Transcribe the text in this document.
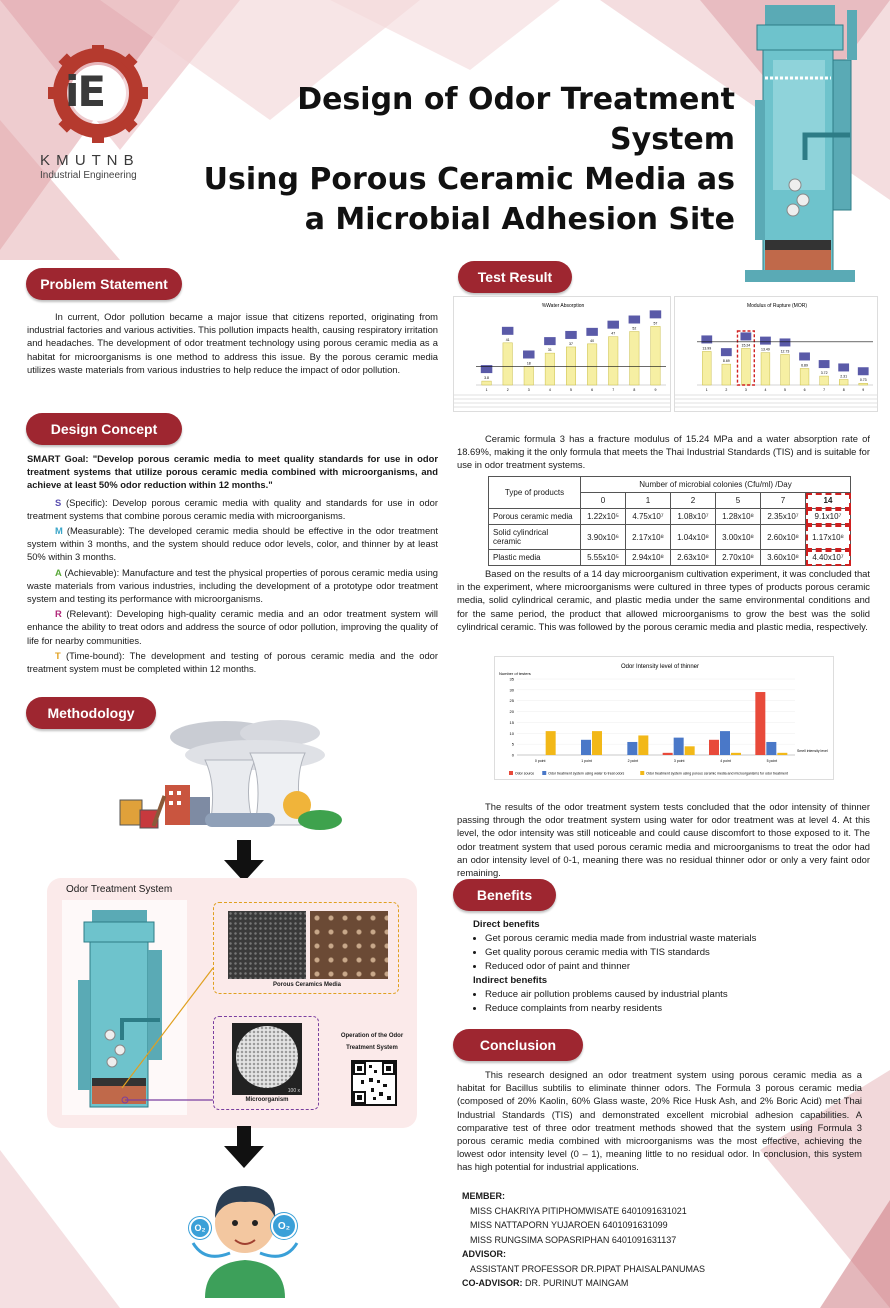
iE
K M U T N B
Industrial Engineering
Design of Odor Treatment System
Using Porous Ceramic Media as
a Microbial Adhesion Site
Problem Statement

In current, Odor pollution became a major issue that citizens reported, originating from industrial factories and various activities. This pollution impacts health, causing respiratory irritation and headaches. The development of odor treatment technology using porous ceramic media as a habitat for microorganisms is one method to address this issue. By the porous ceramic media utilizes waste materials from various industries to help reduce the impact of odor pollution.

Design Concept

SMART Goal: "Develop porous ceramic media to meet quality standards for use in odor treatment systems that utilize porous ceramic media combined with microorganisms, and achieve at least 50% odor reduction within 12 months."

S (Specific): Develop porous ceramic media with quality and standards for use in odor treatment systems that combine porous ceramic media with microorganisms.

M (Measurable): The developed ceramic media should be effective in the odor treatment system within 3 months, and the system should reduce odor levels, color, and thinner by at least 50% within 3 months.

A (Achievable): Manufacture and test the physical properties of porous ceramic media using waste materials from various industries, including the development of a prototype odor treatment system and testing its performance with microorganisms.

R (Relevant): Developing high-quality ceramic media and an odor treatment system will enhance the ability to treat odors and address the source of odor pollution, improving the quality of life for nearby communities.

T (Time-bound): The development and testing of porous ceramic media and the odor treatment system must be completed within 12 months.

Methodology
Odor Treatment System
Porous Ceramics Media
100 x
Microorganism
Operation of the Odor Treatment System
O₂	O₂
Test Result
%Water Absorption
3.8
1
41
2
18
3
31
4
37
5
40
6
47
7
52
8
57
9
Modulus of Rupture (MOR)
13.99
1
8.69
2
15.24
3
13.49
4
12.73
5
6.89
6
3.72
7
2.31
8
0.73
9

Ceramic formula 3 has a fracture modulus of 15.24 MPa and a water absorption rate of 18.69%, making it the only formula that meets the Thai Industrial Standards (TIS) and is suitable for use in odor treatment systems.

Type of products	Number of microbial colonies (Cfu/ml) /Day					
	0	1	2	5	7	14
Porous ceramic media	1.22x10⁵	4.75x10⁷	1.08x10⁷	1.28x10⁸	2.35x10⁷	9.1x10⁷
Solid cylindrical ceramic	3.90x10⁶	2.17x10⁸	1.04x10⁸	3.00x10⁸	2.60x10⁸	1.17x10⁸
Plastic media	5.55x10⁵	2.94x10⁸	2.63x10⁸	2.70x10⁸	3.60x10⁸	4.40x10⁷

Based on the results of a 14 day microorganism cultivation experiment, it was concluded that in the experiment, where microorganisms were cultured in three types of products porous ceramic media, solid cylindrical ceramic, and plastic media under the same environmental conditions and for the same period, the product that allowed microorganisms to grow the best was the solid cylindrical ceramic. This was followed by the porous ceramic media and plastic media, respectively.

Odor Intensity level of thinner
Number of testers
Smell intensity level
0
5
10
15
20
25
30
35
0 point	1 point	2 point	3 point	4 point	5 point
Odor source	Odor treatment system using water to treat odors	Odor treatment system using porous ceramic media and microorganisms for odor treatment

The results of the odor treatment system tests concluded that the odor intensity of thinner passing through the odor treatment system using water for odor treatment was at level 4. At this level, the odor intensity was still noticeable and could cause discomfort to those exposed to it. The odor treatment system that used porous ceramic media and microorganisms to treat the odor had an odor intensity level of 0-1, meaning there was no residual thinner odor or only a very faint odor remaining.

Benefits
Direct benefits
• Get porous ceramic media made from industrial waste materials
• Get quality porous ceramic media with TIS standards
• Reduced odor of paint and thinner
Indirect benefits
• Reduce air pollution problems caused by industrial plants
• Reduce complaints from nearby residents
Conclusion

This research designed an odor treatment system using porous ceramic media as a habitat for Bacillus subtilis to eliminate thinner odors. The Formula 3 porous ceramic media (composed of 20% Kaolin, 60% Glass waste, 20% Rice Husk Ash, and 2% Boric Acid) met Thai Industrial Standards (TIS) and demonstrated excellent microbial adhesion capabilities. A comparative test of three odor treatment methods showed that the system using Formula 3 porous ceramic media combined with microorganisms was the most effective, achieving the lowest odor intensity level (0 – 1), meaning little to no residual odor. In conclusion, this system has high potential for industrial applications.

MEMBER:
MISS CHAKRIYA PITIPHOMWISATE 6401091631021
MISS NATTAPORN YUJAROEN 6401091631099
MISS RUNGSIMA SOPASRIPHAN 6401091631137
ADVISOR:
ASSISTANT PROFESSOR DR.PIPAT PHAISALPANUMAS
CO-ADVISOR: DR. PURINUT MAINGAM
